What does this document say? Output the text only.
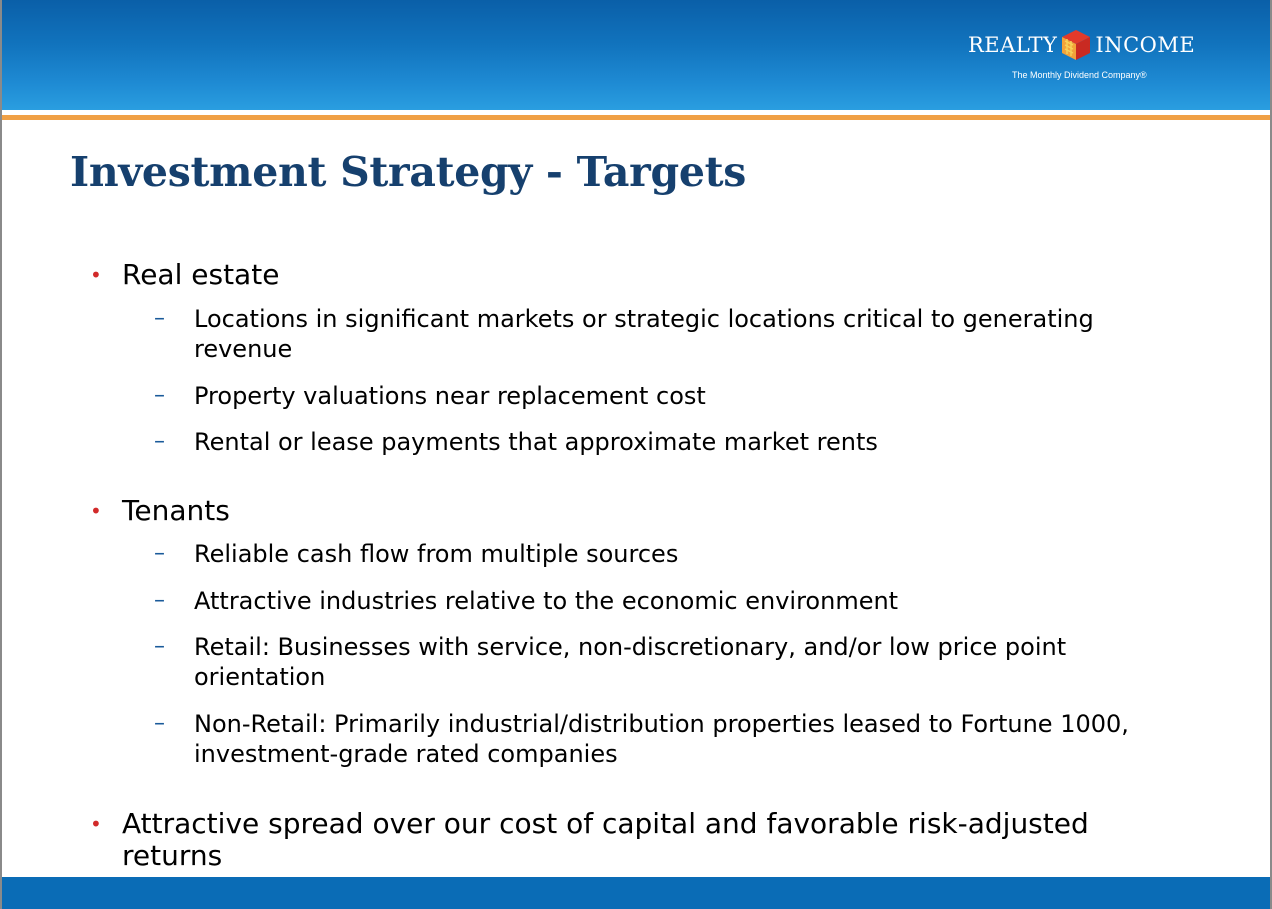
REALTY INCOME
The Monthly Dividend Company®
Investment Strategy - Targets
• Real estate
– Locations in significant markets or strategic locations critical to generating revenue
– Property valuations near replacement cost
– Rental or lease payments that approximate market rents
• Tenants
– Reliable cash flow from multiple sources
– Attractive industries relative to the economic environment
– Retail: Businesses with service, non-discretionary, and/or low price point orientation
– Non-Retail: Primarily industrial/distribution properties leased to Fortune 1000, investment-grade rated companies
• Attractive spread over our cost of capital and favorable risk-adjusted returns
